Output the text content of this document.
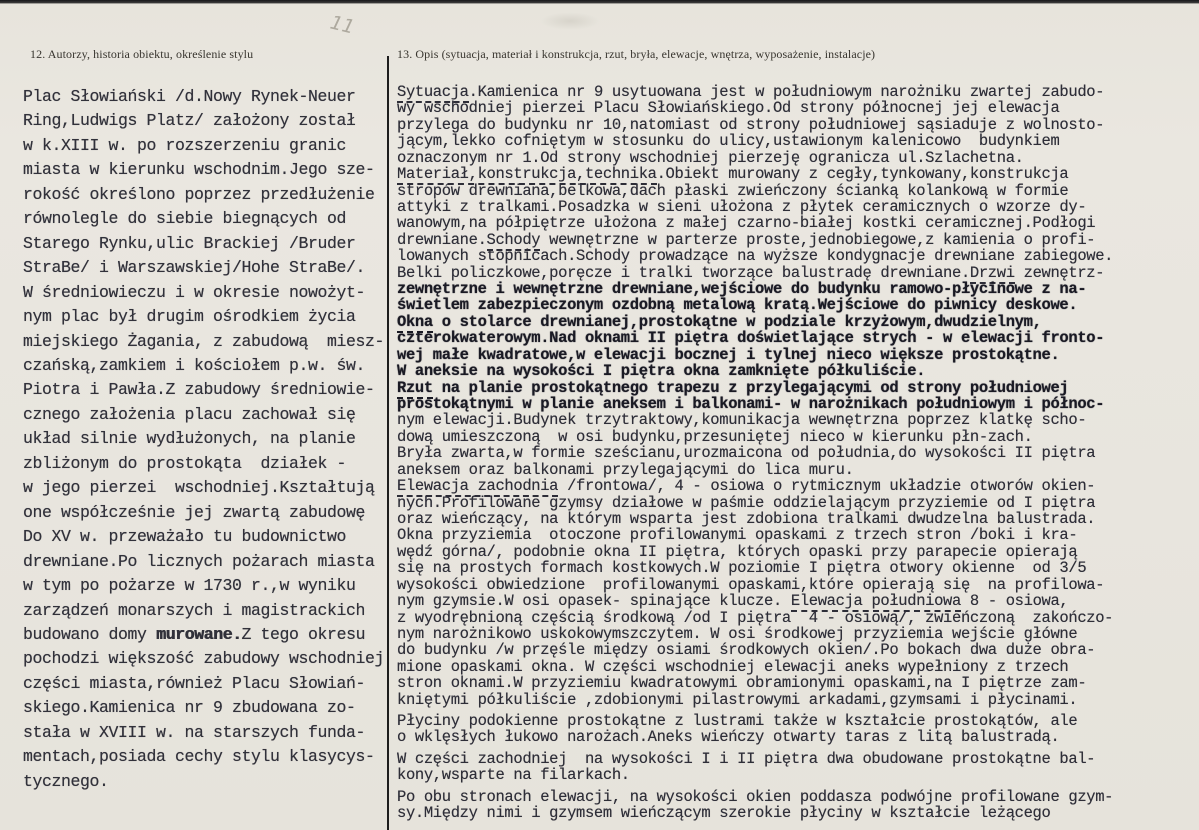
11
12. Autorzy, historia obiektu, określenie stylu	13. Opis (sytuacja, materiał i konstrukcja, rzut, bryła, elewacje, wnętrza, wyposażenie, instalacje)
Plac Słowiański /d.Nowy Rynek-Neuer
Ring,Ludwigs Platz/ założony został
w k.XIII w. po rozszerzeniu granic
miasta w kierunku wschodnim.Jego sze-
rokość określono poprzez przedłużenie
równolegle do siebie biegnących od
Starego Rynku,ulic Brackiej /Bruder
StraBe/ i Warszawskiej/Hohe StraBe/.
W średniowieczu i w okresie nowożyt-
nym plac był drugim ośrodkiem życia
miejskiego Żagania, z zabudową  miesz-
czańską,zamkiem i kościołem p.w. św.
Piotra i Pawła.Z zabudowy średniowie-
cznego założenia placu zachował się
układ silnie wydłużonych, na planie
zbliżonym do prostokąta  działek -
w jego pierzei  wschodniej.Kształtują
one współcześnie jej zwartą zabudowę
Do XV w. przeważało tu budownictwo
drewniane.Po licznych pożarach miasta
w tym po pożarze w 1730 r.,w wyniku
zarządzeń monarszych i magistrackich
budowano domy murowane.Z tego okresu
pochodzi większość zabudowy wschodniej
części miasta,również Placu Słowiań-
skiego.Kamienica nr 9 zbudowana zo-
stała w XVIII w. na starszych funda-
mentach,posiada cechy stylu klasycys-
tycznego.
Sytuacja.Kamienica nr 9 usytuowana jest w południowym narożniku zwartej zabudo-
wy wschodniej pierzei Placu Słowiańskiego.Od strony północnej jej elewacja
przylega do budynku nr 10,natomiast od strony południowej sąsiaduje z wolnosto-
jącym,lekko cofniętym w stosunku do ulicy,ustawionym kalenicowo  budynkiem
oznaczonym nr 1.Od strony wschodniej pierzeję ogranicza ul.Szlachetna.
Materiał,konstrukcja,technika.Obiekt murowany z cegły,tynkowany,konstrukcja
stropów drewniana,belkowa,dach płaski zwieńczony ścianką kolankową w formie
attyki z tralkami.Posadzka w sieni ułożona z płytek ceramicznych o wzorze dy-
wanowym,na półpiętrze ułożona z małej czarno-białej kostki ceramicznej.Podłogi
drewniane.Schody wewnętrzne w parterze proste,jednobiegowe,z kamienia o profi-
lowanych stopnicach.Schody prowadzące na wyższe kondygnacje drewniane zabiegowe.
Belki policzkowe,poręcze i tralki tworzące balustradę drewniane.Drzwi zewnętrz-
zewnętrzne i wewnętrzne drewniane,wejściowe do budynku ramowo-płycinowe z na-
świetlem zabezpieczonym ozdobną metalową kratą.Wejściowe do piwnicy deskowe.
Okna o stolarce drewnianej,prostokątne w podziale krzyżowym,dwudzielnym,
czterokwaterowym.Nad oknami II piętra doświetlające strych - w elewacji fronto-
wej małe kwadratowe,w elewacji bocznej i tylnej nieco większe prostokątne.
W aneksie na wysokości I piętra okna zamknięte półkuliście.
Rzut na planie prostokątnego trapezu z przylegającymi od strony południowej
prostokątnymi w planie aneksem i balkonami- w narożnikach południowym i północ-
nym elewacji.Budynek trzytraktowy,komunikacja wewnętrzna poprzez klatkę scho-
dową umieszczoną  w osi budynku,przesuniętej nieco w kierunku płn-zach.
Bryła zwarta,w formie sześcianu,urozmaicona od południa,do wysokości II piętra
aneksem oraz balkonami przylegającymi do lica muru.
Elewacja zachodnia /frontowa/, 4 - osiowa o rytmicznym układzie otworów okien-
nych.Profilowane gzymsy działowe w paśmie oddzielającym przyziemie od I piętra
oraz wieńczący, na którym wsparta jest zdobiona tralkami dwudzelna balustrada.
Okna przyziemia  otoczone profilowanymi opaskami z trzech stron /boki i kra-
wędź górna/, podobnie okna II piętra, których opaski przy parapecie opierają
się na prostych formach kostkowych.W poziomie I piętra otwory okienne  od 3/5
wysokości obwiedzione  profilowanymi opaskami,które opierają się  na profilowa-
nym gzymsie.W osi opasek- spinające klucze. Elewacja południowa 8 - osiowa,
z wyodrębnioną częścią środkową /od I piętra  4 - osiową/, zwieńczoną  zakończo-
nym narożnikowo uskokowymszczytem. W osi środkowej przyziemia wejście główne
do budynku /w przęśle między osiami środkowych okien/.Po bokach dwa duże obra-
mione opaskami okna. W części wschodniej elewacji aneks wypełniony z trzech
stron oknami.W przyziemiu kwadratowymi obramionymi opaskami,na I piętrze zam-
kniętymi półkuliście ,zdobionymi pilastrowymi arkadami,gzymsami i płycinami.
Płyciny podokienne prostokątne z lustrami także w kształcie prostokątów, ale
o wklęsłych łukowo narożach.Aneks wieńczy otwarty taras z litą balustradą.
W części zachodniej  na wysokości I i II piętra dwa obudowane prostokątne bal-
kony,wsparte na filarkach.
Po obu stronach elewacji, na wysokości okien poddasza podwójne profilowane gzym-
sy.Między nimi i gzymsem wieńczącym szerokie płyciny w kształcie leżącego
